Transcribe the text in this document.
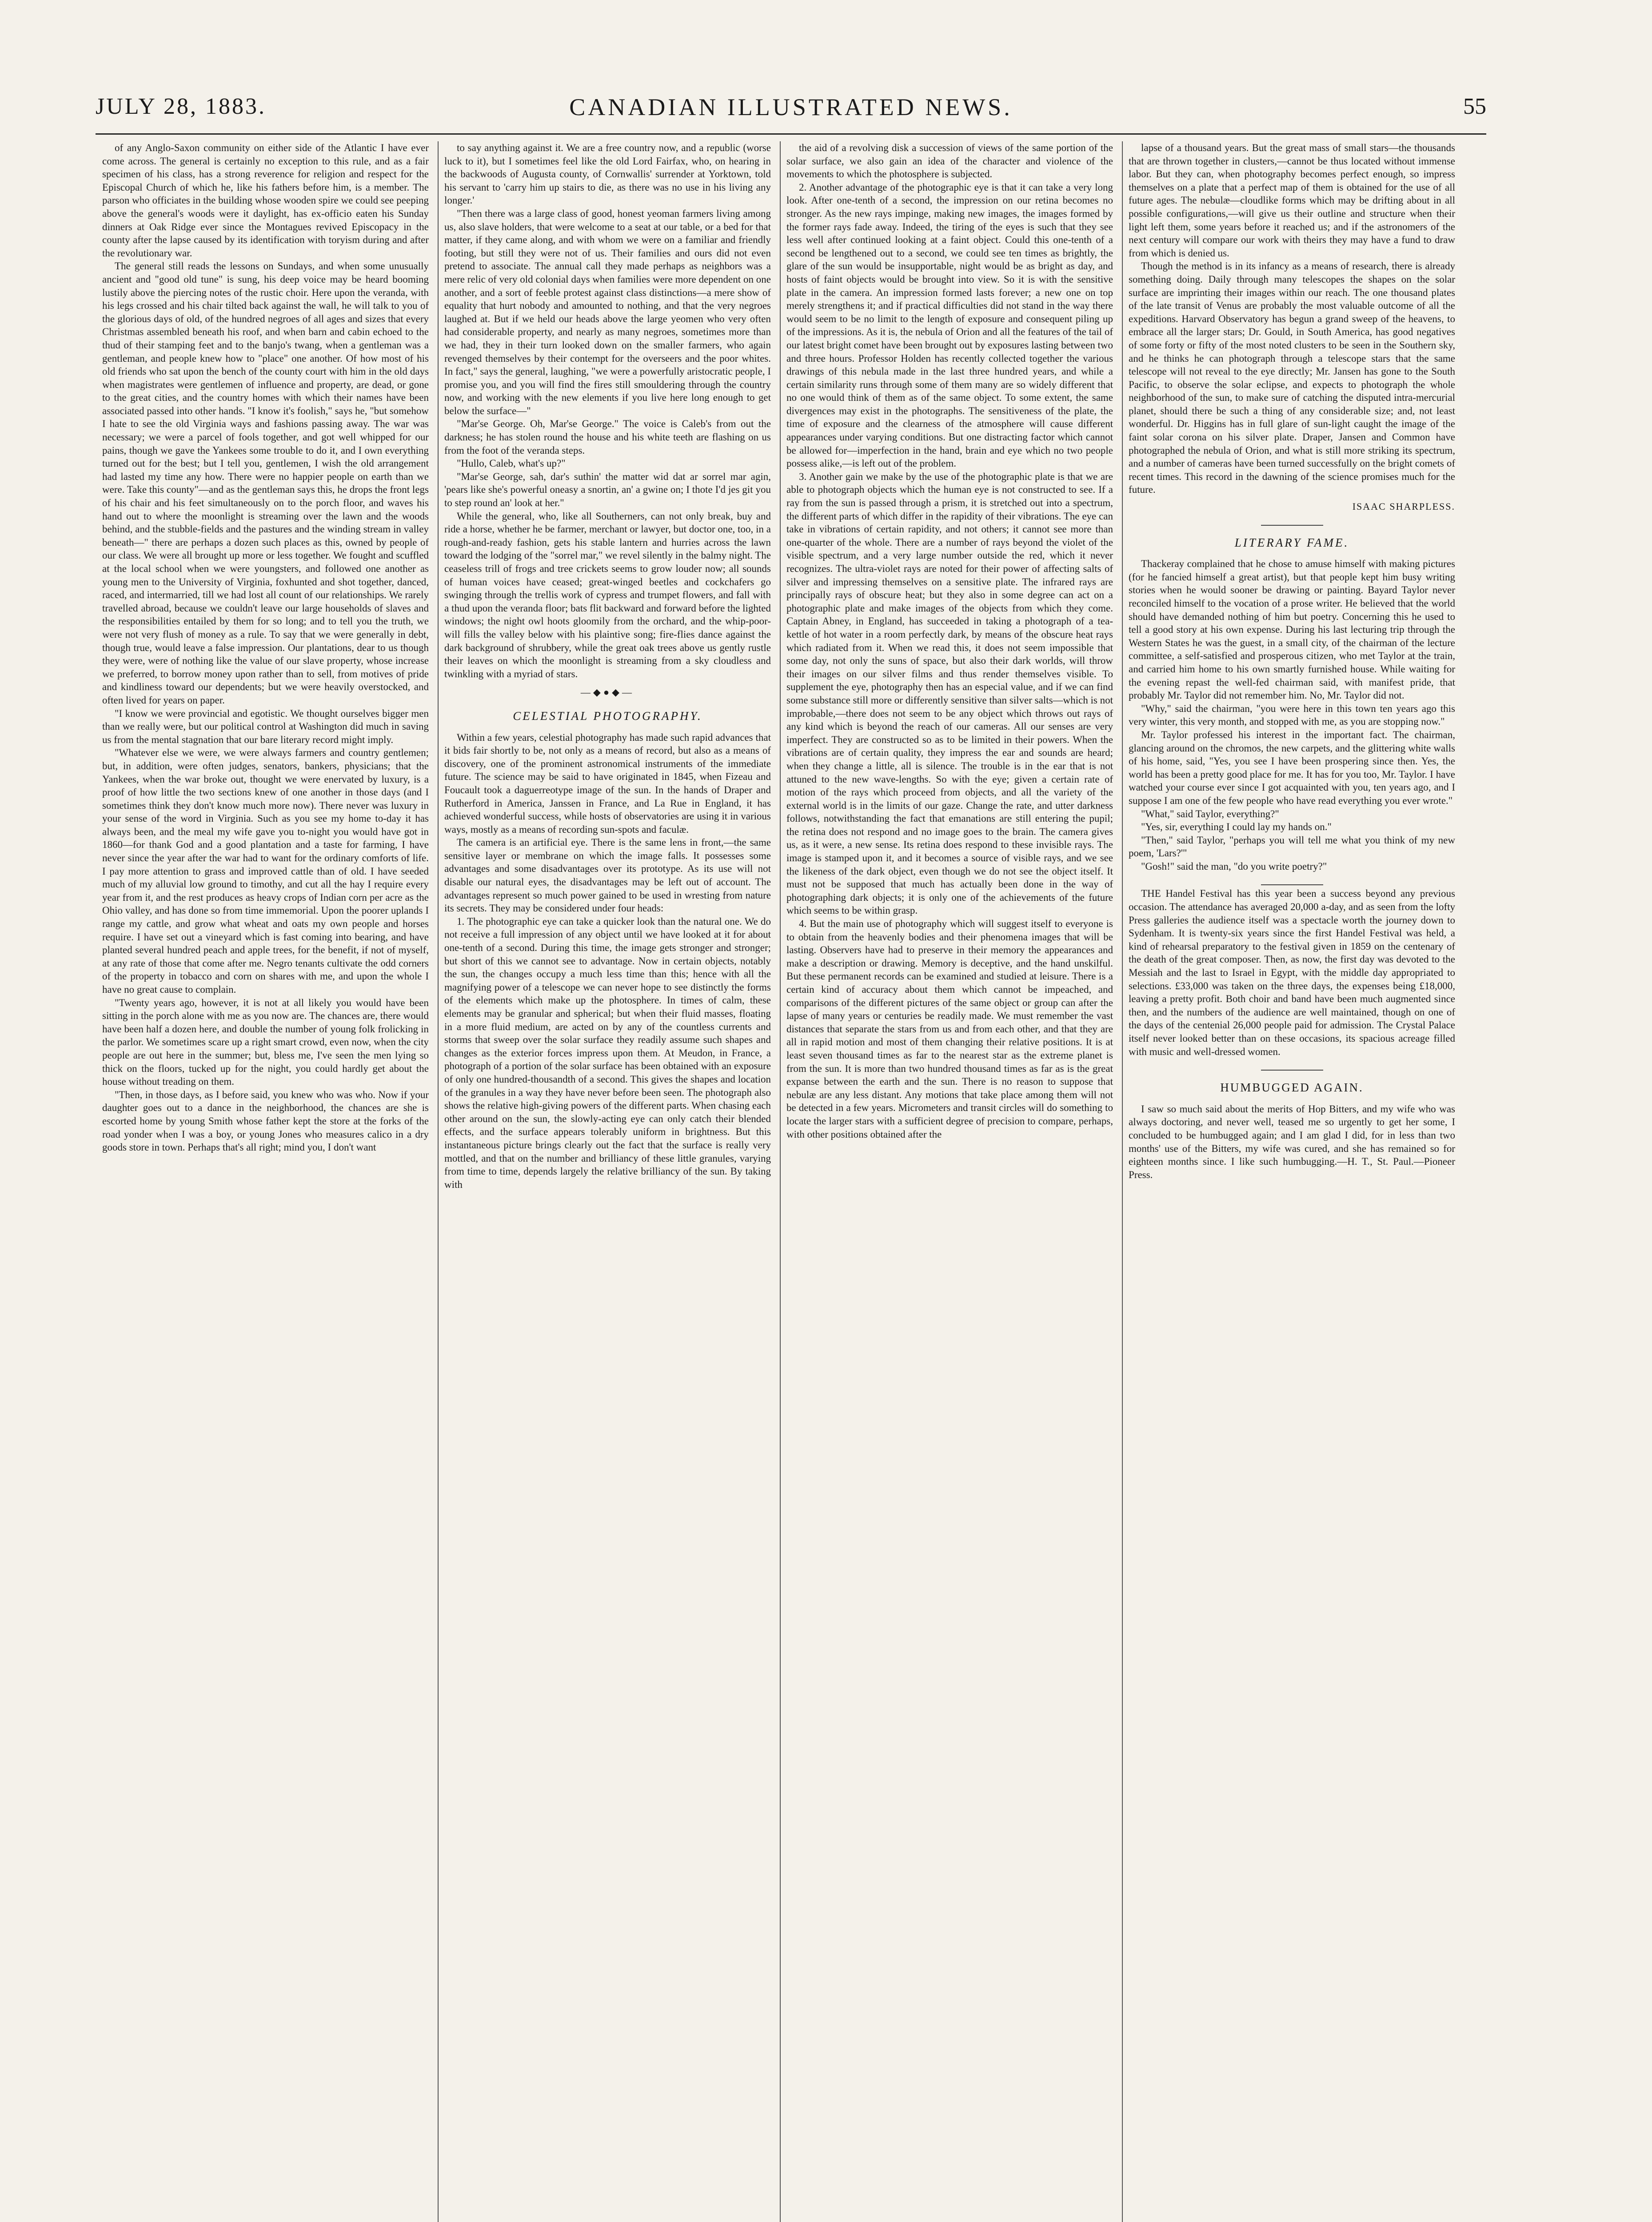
JULY 28, 1883.	CANADIAN ILLUSTRATED NEWS.	55

of any Anglo-Saxon community on either side of the Atlantic I have ever come across. The general is certainly no exception to this rule, and as a fair specimen of his class, has a strong reverence for religion and respect for the Episcopal Church of which he, like his fathers before him, is a member. The parson who officiates in the building whose wooden spire we could see peeping above the general's woods were it daylight, has ex-officio eaten his Sunday dinners at Oak Ridge ever since the Montagues revived Episcopacy in the county after the lapse caused by its identification with toryism during and after the revolutionary war.

The general still reads the lessons on Sundays, and when some unusually ancient and "good old tune" is sung, his deep voice may be heard booming lustily above the piercing notes of the rustic choir. Here upon the veranda, with his legs crossed and his chair tilted back against the wall, he will talk to you of the glorious days of old, of the hundred negroes of all ages and sizes that every Christmas assembled beneath his roof, and when barn and cabin echoed to the thud of their stamping feet and to the banjo's twang, when a gentleman was a gentleman, and people knew how to "place" one another. Of how most of his old friends who sat upon the bench of the county court with him in the old days when magistrates were gentlemen of influence and property, are dead, or gone to the great cities, and the country homes with which their names have been associated passed into other hands. "I know it's foolish," says he, "but somehow I hate to see the old Virginia ways and fashions passing away. The war was necessary; we were a parcel of fools together, and got well whipped for our pains, though we gave the Yankees some trouble to do it, and I own everything turned out for the best; but I tell you, gentlemen, I wish the old arrangement had lasted my time any how. There were no happier people on earth than we were. Take this county"—and as the gentleman says this, he drops the front legs of his chair and his feet simultaneously on to the porch floor, and waves his hand out to where the moonlight is streaming over the lawn and the woods behind, and the stubble-fields and the pastures and the winding stream in valley beneath—" there are perhaps a dozen such places as this, owned by people of our class. We were all brought up more or less together. We fought and scuffled at the local school when we were youngsters, and followed one another as young men to the University of Virginia, foxhunted and shot together, danced, raced, and intermarried, till we had lost all count of our relationships. We rarely travelled abroad, because we couldn't leave our large households of slaves and the responsibilities entailed by them for so long; and to tell you the truth, we were not very flush of money as a rule. To say that we were generally in debt, though true, would leave a false impression. Our plantations, dear to us though they were, were of nothing like the value of our slave property, whose increase we preferred, to borrow money upon rather than to sell, from motives of pride and kindliness toward our dependents; but we were heavily overstocked, and often lived for years on paper.

"I know we were provincial and egotistic. We thought ourselves bigger men than we really were, but our political control at Washington did much in saving us from the mental stagnation that our bare literary record might imply.

"Whatever else we were, we were always farmers and country gentlemen; but, in addition, were often judges, senators, bankers, physicians; that the Yankees, when the war broke out, thought we were enervated by luxury, is a proof of how little the two sections knew of one another in those days (and I sometimes think they don't know much more now). There never was luxury in your sense of the word in Virginia. Such as you see my home to-day it has always been, and the meal my wife gave you to-night you would have got in 1860—for thank God and a good plantation and a taste for farming, I have never since the year after the war had to want for the ordinary comforts of life. I pay more attention to grass and improved cattle than of old. I have seeded much of my alluvial low ground to timothy, and cut all the hay I require every year from it, and the rest produces as heavy crops of Indian corn per acre as the Ohio valley, and has done so from time immemorial. Upon the poorer uplands I range my cattle, and grow what wheat and oats my own people and horses require. I have set out a vineyard which is fast coming into bearing, and have planted several hundred peach and apple trees, for the benefit, if not of myself, at any rate of those that come after me. Negro tenants cultivate the odd corners of the property in tobacco and corn on shares with me, and upon the whole I have no great cause to complain.

"Twenty years ago, however, it is not at all likely you would have been sitting in the porch alone with me as you now are. The chances are, there would have been half a dozen here, and double the number of young folk frolicking in the parlor. We sometimes scare up a right smart crowd, even now, when the city people are out here in the summer; but, bless me, I've seen the men lying so thick on the floors, tucked up for the night, you could hardly get about the house without treading on them.

"Then, in those days, as I before said, you knew who was who. Now if your daughter goes out to a dance in the neighborhood, the chances are she is escorted home by young Smith whose father kept the store at the forks of the road yonder when I was a boy, or young Jones who measures calico in a dry goods store in town. Perhaps that's all right; mind you, I don't want

to say anything against it. We are a free country now, and a republic (worse luck to it), but I sometimes feel like the old Lord Fairfax, who, on hearing in the backwoods of Augusta county, of Cornwallis' surrender at Yorktown, told his servant to 'carry him up stairs to die, as there was no use in his living any longer.'

"Then there was a large class of good, honest yeoman farmers living among us, also slave holders, that were welcome to a seat at our table, or a bed for that matter, if they came along, and with whom we were on a familiar and friendly footing, but still they were not of us. Their families and ours did not even pretend to associate. The annual call they made perhaps as neighbors was a mere relic of very old colonial days when families were more dependent on one another, and a sort of feeble protest against class distinctions—a mere show of equality that hurt nobody and amounted to nothing, and that the very negroes laughed at. But if we held our heads above the large yeomen who very often had considerable property, and nearly as many negroes, sometimes more than we had, they in their turn looked down on the smaller farmers, who again revenged themselves by their contempt for the overseers and the poor whites. In fact," says the general, laughing, "we were a powerfully aristocratic people, I promise you, and you will find the fires still smouldering through the country now, and working with the new elements if you live here long enough to get below the surface—"

"Mar'se George. Oh, Mar'se George." The voice is Caleb's from out the darkness; he has stolen round the house and his white teeth are flashing on us from the foot of the veranda steps.

"Hullo, Caleb, what's up?"

"Mar'se George, sah, dar's suthin' the matter wid dat ar sorrel mar agin, 'pears like she's powerful oneasy a snortin, an' a gwine on; I thote I'd jes git you to step round an' look at her."

While the general, who, like all Southerners, can not only break, buy and ride a horse, whether he be farmer, merchant or lawyer, but doctor one, too, in a rough-and-ready fashion, gets his stable lantern and hurries across the lawn toward the lodging of the "sorrel mar," we revel silently in the balmy night. The ceaseless trill of frogs and tree crickets seems to grow louder now; all sounds of human voices have ceased; great-winged beetles and cockchafers go swinging through the trellis work of cypress and trumpet flowers, and fall with a thud upon the veranda floor; bats flit backward and forward before the lighted windows; the night owl hoots gloomily from the orchard, and the whip-poor-will fills the valley below with his plaintive song; fire-flies dance against the dark background of shrubbery, while the great oak trees above us gently rustle their leaves on which the moonlight is streaming from a sky cloudless and twinkling with a myriad of stars.

—◆●◆—
CELESTIAL PHOTOGRAPHY.

Within a few years, celestial photography has made such rapid advances that it bids fair shortly to be, not only as a means of record, but also as a means of discovery, one of the prominent astronomical instruments of the immediate future. The science may be said to have originated in 1845, when Fizeau and Foucault took a daguerreotype image of the sun. In the hands of Draper and Rutherford in America, Janssen in France, and La Rue in England, it has achieved wonderful success, while hosts of observatories are using it in various ways, mostly as a means of recording sun-spots and faculæ.

The camera is an artificial eye. There is the same lens in front,—the same sensitive layer or membrane on which the image falls. It possesses some advantages and some disadvantages over its prototype. As its use will not disable our natural eyes, the disadvantages may be left out of account. The advantages represent so much power gained to be used in wresting from nature its secrets. They may be considered under four heads:

1. The photographic eye can take a quicker look than the natural one. We do not receive a full impression of any object until we have looked at it for about one-tenth of a second. During this time, the image gets stronger and stronger; but short of this we cannot see to advantage. Now in certain objects, notably the sun, the changes occupy a much less time than this; hence with all the magnifying power of a telescope we can never hope to see distinctly the forms of the elements which make up the photosphere. In times of calm, these elements may be granular and spherical; but when their fluid masses, floating in a more fluid medium, are acted on by any of the countless currents and storms that sweep over the solar surface they readily assume such shapes and changes as the exterior forces impress upon them. At Meudon, in France, a photograph of a portion of the solar surface has been obtained with an exposure of only one hundred-thousandth of a second. This gives the shapes and location of the granules in a way they have never before been seen. The photograph also shows the relative high-giving powers of the different parts. When chasing each other around on the sun, the slowly-acting eye can only catch their blended effects, and the surface appears tolerably uniform in brightness. But this instantaneous picture brings clearly out the fact that the surface is really very mottled, and that on the number and brilliancy of these little granules, varying from time to time, depends largely the relative brilliancy of the sun. By taking with

the aid of a revolving disk a succession of views of the same portion of the solar surface, we also gain an idea of the character and violence of the movements to which the photosphere is subjected.

2. Another advantage of the photographic eye is that it can take a very long look. After one-tenth of a second, the impression on our retina becomes no stronger. As the new rays impinge, making new images, the images formed by the former rays fade away. Indeed, the tiring of the eyes is such that they see less well after continued looking at a faint object. Could this one-tenth of a second be lengthened out to a second, we could see ten times as brightly, the glare of the sun would be insupportable, night would be as bright as day, and hosts of faint objects would be brought into view. So it is with the sensitive plate in the camera. An impression formed lasts forever; a new one on top merely strengthens it; and if practical difficulties did not stand in the way there would seem to be no limit to the length of exposure and consequent piling up of the impressions. As it is, the nebula of Orion and all the features of the tail of our latest bright comet have been brought out by exposures lasting between two and three hours. Professor Holden has recently collected together the various drawings of this nebula made in the last three hundred years, and while a certain similarity runs through some of them many are so widely different that no one would think of them as of the same object. To some extent, the same divergences may exist in the photographs. The sensitiveness of the plate, the time of exposure and the clearness of the atmosphere will cause different appearances under varying conditions. But one distracting factor which cannot be allowed for—imperfection in the hand, brain and eye which no two people possess alike,—is left out of the problem.

3. Another gain we make by the use of the photographic plate is that we are able to photograph objects which the human eye is not constructed to see. If a ray from the sun is passed through a prism, it is stretched out into a spectrum, the different parts of which differ in the rapidity of their vibrations. The eye can take in vibrations of certain rapidity, and not others; it cannot see more than one-quarter of the whole. There are a number of rays beyond the violet of the visible spectrum, and a very large number outside the red, which it never recognizes. The ultra-violet rays are noted for their power of affecting salts of silver and impressing themselves on a sensitive plate. The infrared rays are principally rays of obscure heat; but they also in some degree can act on a photographic plate and make images of the objects from which they come. Captain Abney, in England, has succeeded in taking a photograph of a tea-kettle of hot water in a room perfectly dark, by means of the obscure heat rays which radiated from it. When we read this, it does not seem impossible that some day, not only the suns of space, but also their dark worlds, will throw their images on our silver films and thus render themselves visible. To supplement the eye, photography then has an especial value, and if we can find some substance still more or differently sensitive than silver salts—which is not improbable,—there does not seem to be any object which throws out rays of any kind which is beyond the reach of our cameras. All our senses are very imperfect. They are constructed so as to be limited in their powers. When the vibrations are of certain quality, they impress the ear and sounds are heard; when they change a little, all is silence. The trouble is in the ear that is not attuned to the new wave-lengths. So with the eye; given a certain rate of motion of the rays which proceed from objects, and all the variety of the external world is in the limits of our gaze. Change the rate, and utter darkness follows, notwithstanding the fact that emanations are still entering the pupil; the retina does not respond and no image goes to the brain. The camera gives us, as it were, a new sense. Its retina does respond to these invisible rays. The image is stamped upon it, and it becomes a source of visible rays, and we see the likeness of the dark object, even though we do not see the object itself. It must not be supposed that much has actually been done in the way of photographing dark objects; it is only one of the achievements of the future which seems to be within grasp.

4. But the main use of photography which will suggest itself to everyone is to obtain from the heavenly bodies and their phenomena images that will be lasting. Observers have had to preserve in their memory the appearances and make a description or drawing. Memory is deceptive, and the hand unskilful. But these permanent records can be examined and studied at leisure. There is a certain kind of accuracy about them which cannot be impeached, and comparisons of the different pictures of the same object or group can after the lapse of many years or centuries be readily made. We must remember the vast distances that separate the stars from us and from each other, and that they are all in rapid motion and most of them changing their relative positions. It is at least seven thousand times as far to the nearest star as the extreme planet is from the sun. It is more than two hundred thousand times as far as is the great expanse between the earth and the sun. There is no reason to suppose that nebulæ are any less distant. Any motions that take place among them will not be detected in a few years. Micrometers and transit circles will do something to locate the larger stars with a sufficient degree of precision to compare, perhaps, with other positions obtained after the

lapse of a thousand years. But the great mass of small stars—the thousands that are thrown together in clusters,—cannot be thus located without immense labor. But they can, when photography becomes perfect enough, so impress themselves on a plate that a perfect map of them is obtained for the use of all future ages. The nebulæ—cloudlike forms which may be drifting about in all possible configurations,—will give us their outline and structure when their light left them, some years before it reached us; and if the astronomers of the next century will compare our work with theirs they may have a fund to draw from which is denied us.

Though the method is in its infancy as a means of research, there is already something doing. Daily through many telescopes the shapes on the solar surface are imprinting their images within our reach. The one thousand plates of the late transit of Venus are probably the most valuable outcome of all the expeditions. Harvard Observatory has begun a grand sweep of the heavens, to embrace all the larger stars; Dr. Gould, in South America, has good negatives of some forty or fifty of the most noted clusters to be seen in the Southern sky, and he thinks he can photograph through a telescope stars that the same telescope will not reveal to the eye directly; Mr. Jansen has gone to the South Pacific, to observe the solar eclipse, and expects to photograph the whole neighborhood of the sun, to make sure of catching the disputed intra-mercurial planet, should there be such a thing of any considerable size; and, not least wonderful. Dr. Higgins has in full glare of sun-light caught the image of the faint solar corona on his silver plate. Draper, Jansen and Common have photographed the nebula of Orion, and what is still more striking its spectrum, and a number of cameras have been turned successfully on the bright comets of recent times. This record in the dawning of the science promises much for the future.

ISAAC SHARPLESS.
LITERARY FAME.

Thackeray complained that he chose to amuse himself with making pictures (for he fancied himself a great artist), but that people kept him busy writing stories when he would sooner be drawing or painting. Bayard Taylor never reconciled himself to the vocation of a prose writer. He believed that the world should have demanded nothing of him but poetry. Concerning this he used to tell a good story at his own expense. During his last lecturing trip through the Western States he was the guest, in a small city, of the chairman of the lecture committee, a self-satisfied and prosperous citizen, who met Taylor at the train, and carried him home to his own smartly furnished house. While waiting for the evening repast the well-fed chairman said, with manifest pride, that probably Mr. Taylor did not remember him. No, Mr. Taylor did not.

"Why," said the chairman, "you were here in this town ten years ago this very winter, this very month, and stopped with me, as you are stopping now."

Mr. Taylor professed his interest in the important fact. The chairman, glancing around on the chromos, the new carpets, and the glittering white walls of his home, said, "Yes, you see I have been prospering since then. Yes, the world has been a pretty good place for me. It has for you too, Mr. Taylor. I have watched your course ever since I got acquainted with you, ten years ago, and I suppose I am one of the few people who have read everything you ever wrote."

"What," said Taylor, everything?"

"Yes, sir, everything I could lay my hands on."

"Then," said Taylor, "perhaps you will tell me what you think of my new poem, 'Lars?'"

"Gosh!" said the man, "do you write poetry?"

THE Handel Festival has this year been a success beyond any previous occasion. The attendance has averaged 20,000 a-day, and as seen from the lofty Press galleries the audience itself was a spectacle worth the journey down to Sydenham. It is twenty-six years since the first Handel Festival was held, a kind of rehearsal preparatory to the festival given in 1859 on the centenary of the death of the great composer. Then, as now, the first day was devoted to the Messiah and the last to Israel in Egypt, with the middle day appropriated to selections. £33,000 was taken on the three days, the expenses being £18,000, leaving a pretty profit. Both choir and band have been much augmented since then, and the numbers of the audience are well maintained, though on one of the days of the centenial 26,000 people paid for admission. The Crystal Palace itself never looked better than on these occasions, its spacious acreage filled with music and well-dressed women.

HUMBUGGED AGAIN.

I saw so much said about the merits of Hop Bitters, and my wife who was always doctoring, and never well, teased me so urgently to get her some, I concluded to be humbugged again; and I am glad I did, for in less than two months' use of the Bitters, my wife was cured, and she has remained so for eighteen months since. I like such humbugging.—H. T., St. Paul.—Pioneer Press.
